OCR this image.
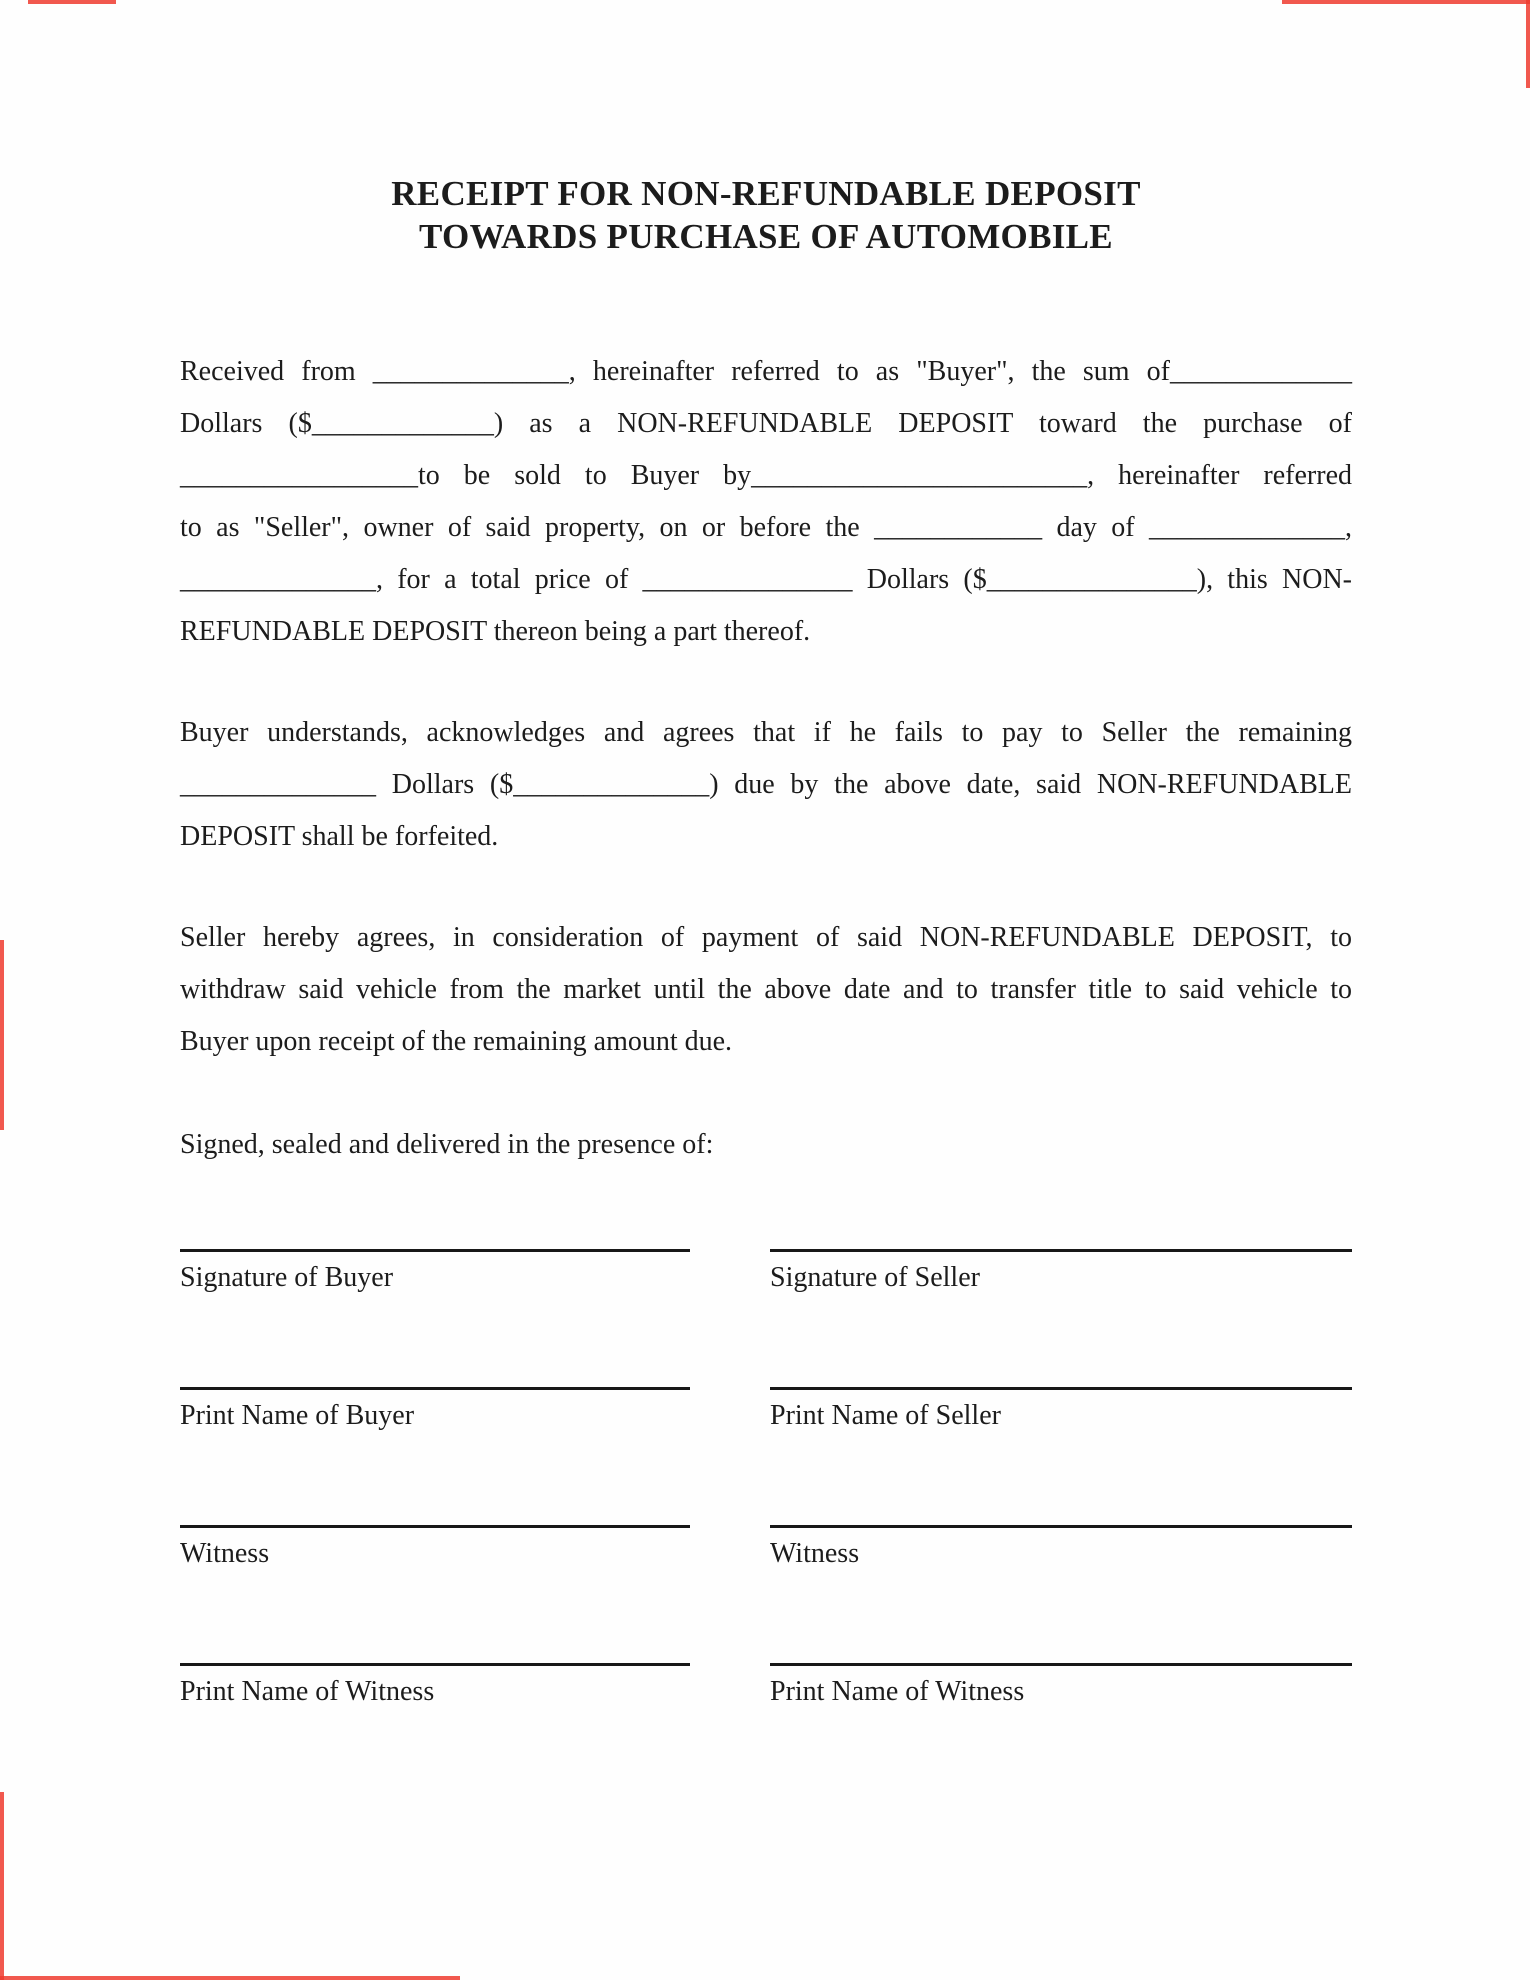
RECEIPT FOR NON-REFUNDABLE DEPOSIT
TOWARDS PURCHASE OF AUTOMOBILE
Received from ______________, hereinafter referred to as "Buyer", the sum of_____________
Dollars ($_____________) as a NON-REFUNDABLE DEPOSIT toward the purchase of
_________________to be sold to Buyer by________________________, hereinafter referred
to as "Seller", owner of said property, on or before the ____________ day of ______________,
______________, for a total price of _______________ Dollars ($_______________), this NON-
REFUNDABLE DEPOSIT thereon being a part thereof.
Buyer understands, acknowledges and agrees that if he fails to pay to Seller the remaining
______________ Dollars ($______________) due by the above date, said NON-REFUNDABLE
DEPOSIT shall be forfeited.
Seller hereby agrees, in consideration of payment of said NON-REFUNDABLE DEPOSIT, to
withdraw said vehicle from the market until the above date and to transfer title to said vehicle to
Buyer upon receipt of the remaining amount due.
Signed, sealed and delivered in the presence of:
Signature of Buyer	Signature of Seller
Print Name of Buyer	Print Name of Seller
Witness	Witness
Print Name of Witness	Print Name of Witness
